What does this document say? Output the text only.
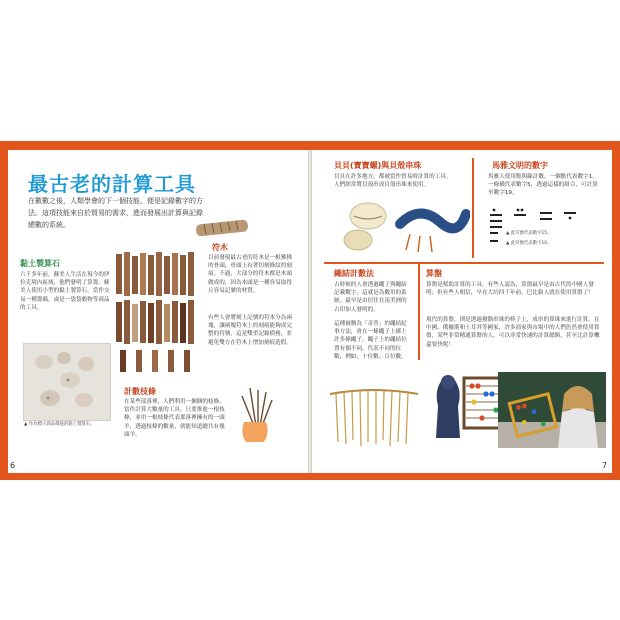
最古老的計算工具

在數數之後，人類學會的下一個技能，便是記錄數字的方法。這項技能來自於貿易的需求，進而發展出計算與記錄總數的系統。

黏土製算石

六千多年前，蘇美人生活在現今的伊拉克境內區域，他們發明了算籌。蘇美人使用小型的黏土製算石，當作交易一種籌碼，或是一袋袋穀物等商品的工具。

▲ 作為標示商品價值的黏土製算石。

符木

目前發現最古老的符木是一根狒狒的骨頭，骨頭上有著切刻條紋的刻痕。不過，大部分的符木都是木頭做成的，因為木頭是一種容易取得且容易記號的材質。

有些人會將刻上記號的符木分為兩塊，讓兩塊符木上的刻痕能夠成完整的符號，這是雙重記錄債務，並避免雙方在符木上增加刻痕造假。

計數枝條

在某些部落裡，人們利用一捆捆的枝條，當作計算大數量的工具。只要推進一根枝條，並用一根枝條代表那落裡擁有的一頭羊，透過枝條的數量，就能知道總共有幾頭羊。

6
貝貝(寶寶螺)與貝殼串珠

貝貝在許多地方，都被當作貿易時計算的工具。人們經常將貝殼串成貝殼串珠來使用。

馬雅文明的數字

馬雅人使用點與線計數，一個點代表數字1，一條橫代表數字5，透過這樣的組合，可計算至數字19。

▲ 此符號代表數字15。

▲ 此符號代表數字10。

繩結計數法

古時候的人會透過繩子與繩結記載數字，這就是為數用的系統。最早是由居住在南美洲的古印加人發明的。

這種被稱為「奇普」的繩結紀事方法，會在一條繩子上綁上許多條繩子，繩子上的繩結位置有個不同，代表不同的位數，例如，十位數、百位數。

算盤

算盤是幫助計算的工具，有些人認為，算盤最早是由古代的中國人發明；但有些人相信，早在大約四千年前，巴比倫人就在使用算盤了！

現代的算盤，則是透過撥動串珠的棒子上，成串的算珠來進行計算。在中國、俄羅斯和土耳其等國家，許多商家與市場中的人們仍然會使用算盤，某些非常精通算盤的人，可以非常快速的計算總額，甚至比計算機還要快呢！

7
